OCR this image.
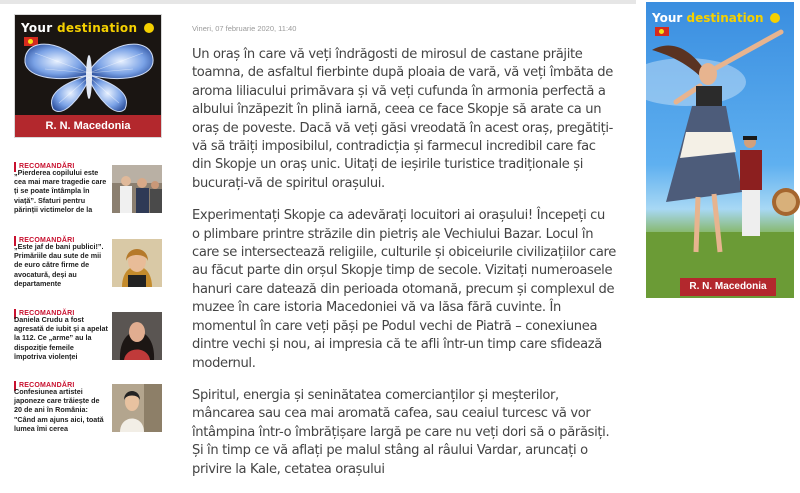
Your destination
R. N. Macedonia
RECOMANDĂRI
„Pierderea copilului este cea mai mare tragedie care ți se poate întâmpla în viață”. Sfaturi pentru părinții victimelor de la
RECOMANDĂRI
„Este jaf de bani publici!”. Primăriile dau sute de mii de euro către firme de avocatură, deși au departamente
RECOMANDĂRI
Daniela Crudu a fost agresată de iubit și a apelat la 112. Ce „arme” au la dispoziție femeile împotriva violenței
RECOMANDĂRI
Confesiunea artistei japoneze care trăiește de 20 de ani în România: "Când am ajuns aici, toată lumea îmi cerea
Vineri, 07 februarie 2020, 11:40

Un oraș în care vă veți îndrăgosti de mirosul de castane prăjite toamna, de asfaltul fierbinte după ploaia de vară, vă veți îmbăta de aroma liliacului primăvara și vă veți cufunda în armonia perfectă a albului înzăpezit în plină iarnă, ceea ce face Skopje să arate ca un oraș de poveste. Dacă vă veți găsi vreodată în acest oraș, pregătiți-vă să trăiți imposibilul, contradicția și farmecul incredibil care fac din Skopje un oraș unic. Uitați de ieșirile turistice tradiționale și bucurați-vă de spiritul orașului.

Experimentați Skopje ca adevărați locuitori ai orașului! Începeți cu o plimbare printre străzile din pietriș ale Vechiului Bazar. Locul în care se intersectează religiile, culturile și obiceiurile civilizațiilor care au făcut parte din orșul Skopje timp de secole. Vizitați numeroasele hanuri care datează din perioada otomană, precum și complexul de muzee în care istoria Macedoniei vă va lăsa fără cuvinte. În momentul în care veți păși pe Podul vechi de Piatră – conexiunea dintre vechi și nou, ai impresia că te afli într-un timp care sfidează modernul.

Spiritul, energia și seninătatea comercianților și meșterilor, mâncarea sau cea mai aromată cafea, sau ceaiul turcesc vă vor întâmpina într-o îmbrățișare largă pe care nu veți dori să o părăsiți. Și în timp ce vă aflați pe malul stâng al râului Vardar, aruncați o privire la Kale, cetatea orașului

Your destination
R. N. Macedonia
